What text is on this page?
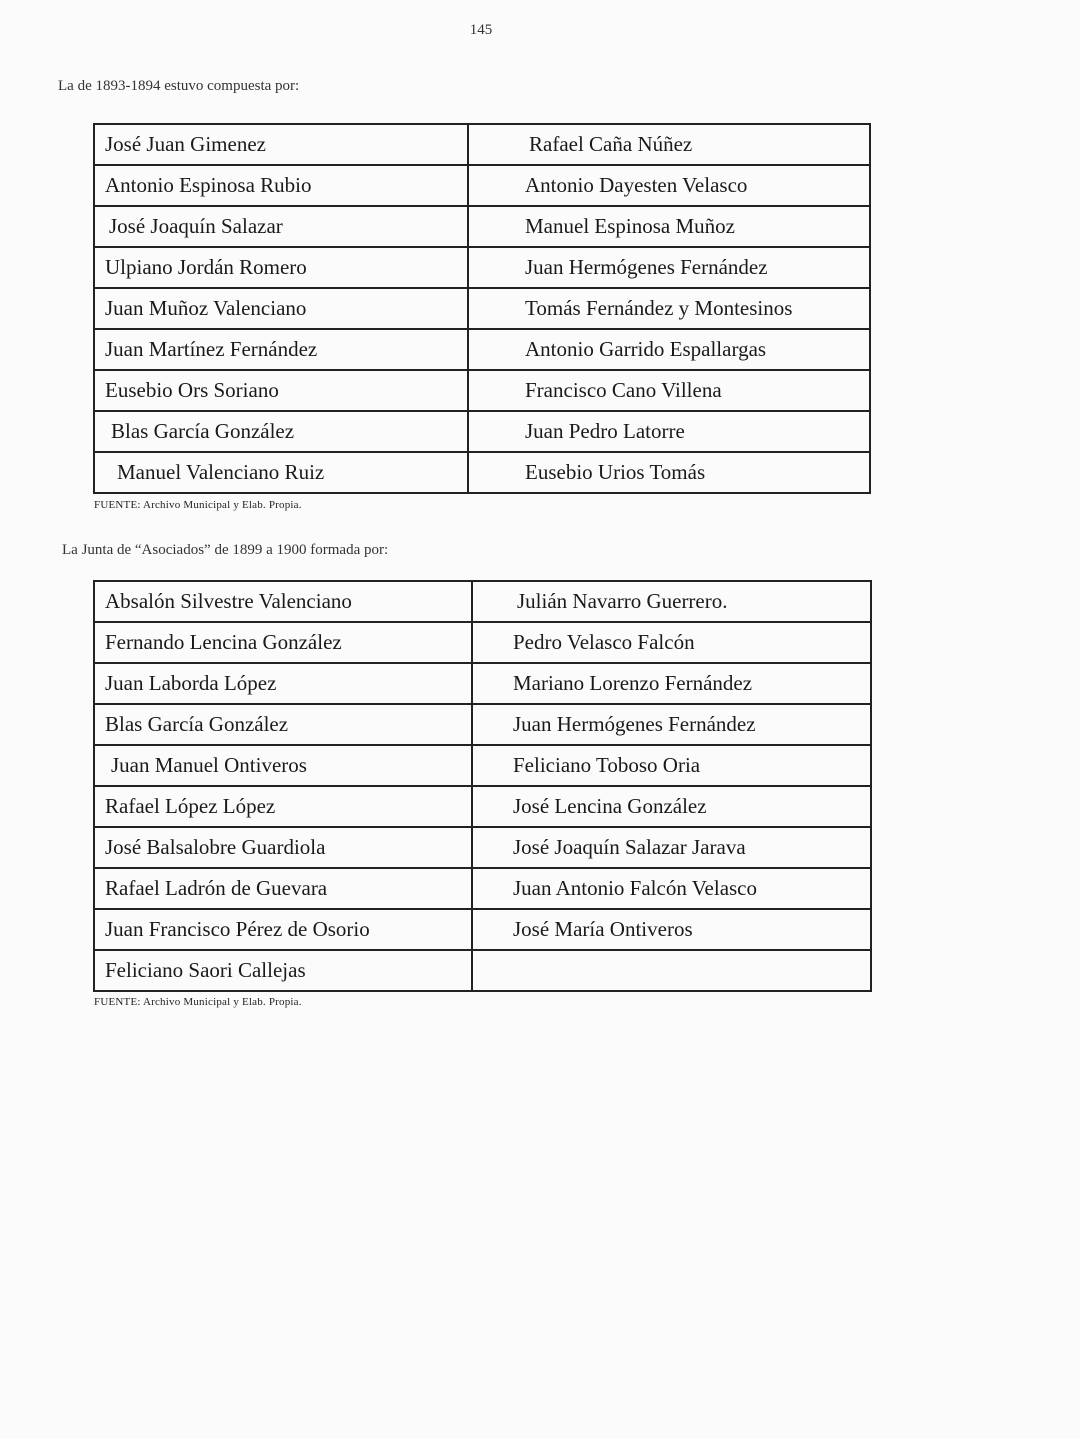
145
La de 1893-1894 estuvo compuesta por:
José Juan Gimenez	Rafael Caña Núñez
Antonio Espinosa Rubio	Antonio Dayesten Velasco
José Joaquín Salazar	Manuel Espinosa Muñoz
Ulpiano Jordán Romero	Juan Hermógenes Fernández
Juan Muñoz Valenciano	Tomás Fernández y Montesinos
Juan Martínez Fernández	Antonio Garrido Espallargas
Eusebio Ors Soriano	Francisco Cano Villena
Blas García González	Juan Pedro Latorre
Manuel Valenciano Ruiz	Eusebio Urios Tomás
FUENTE: Archivo Municipal y Elab. Propia.
La Junta de “Asociados” de 1899 a 1900 formada por:
Absalón Silvestre Valenciano	Julián Navarro Guerrero.
Fernando Lencina González	Pedro Velasco Falcón
Juan Laborda López	Mariano Lorenzo Fernández
Blas García González	Juan Hermógenes Fernández
Juan Manuel Ontiveros	Feliciano Toboso Oria
Rafael López López	José Lencina González
José Balsalobre Guardiola	José Joaquín Salazar Jarava
Rafael Ladrón de Guevara	Juan Antonio Falcón Velasco
Juan Francisco Pérez de Osorio	José María Ontiveros
Feliciano Saori Callejas	
FUENTE: Archivo Municipal y Elab. Propia.
